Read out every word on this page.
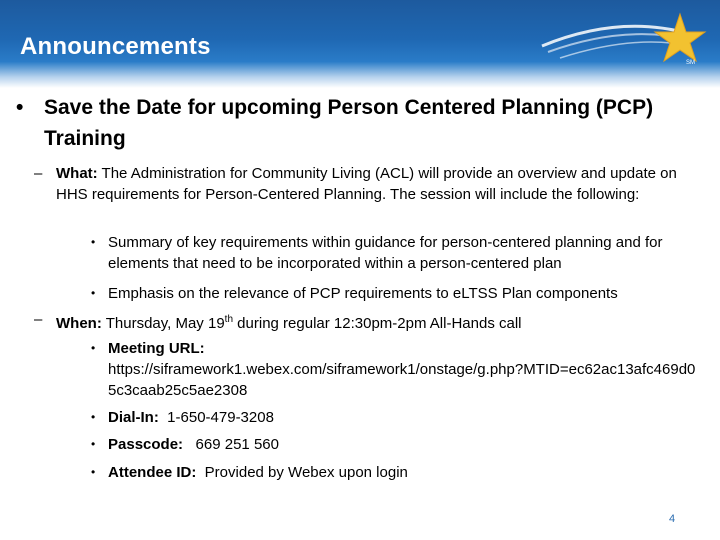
Announcements
SM
• Save the Date for upcoming Person Centered Planning (PCP) Training
– What: The Administration for Community Living (ACL) will provide an overview and update on HHS requirements for Person-Centered Planning. The session will include the following:
• Summary of key requirements within guidance for person-centered planning and for elements that need to be incorporated within a person-centered plan
• Emphasis on the relevance of PCP requirements to eLTSS Plan components
– When: Thursday, May 19th during regular 12:30pm-2pm All-Hands call
• Meeting URL:
https://siframework1.webex.com/siframework1/onstage/g.php?MTID=ec62ac13afc469d05c3caab25c5ae2308
• Dial-In:  1-650-479-3208
• Passcode:   669 251 560
• Attendee ID:  Provided by Webex upon login
4
